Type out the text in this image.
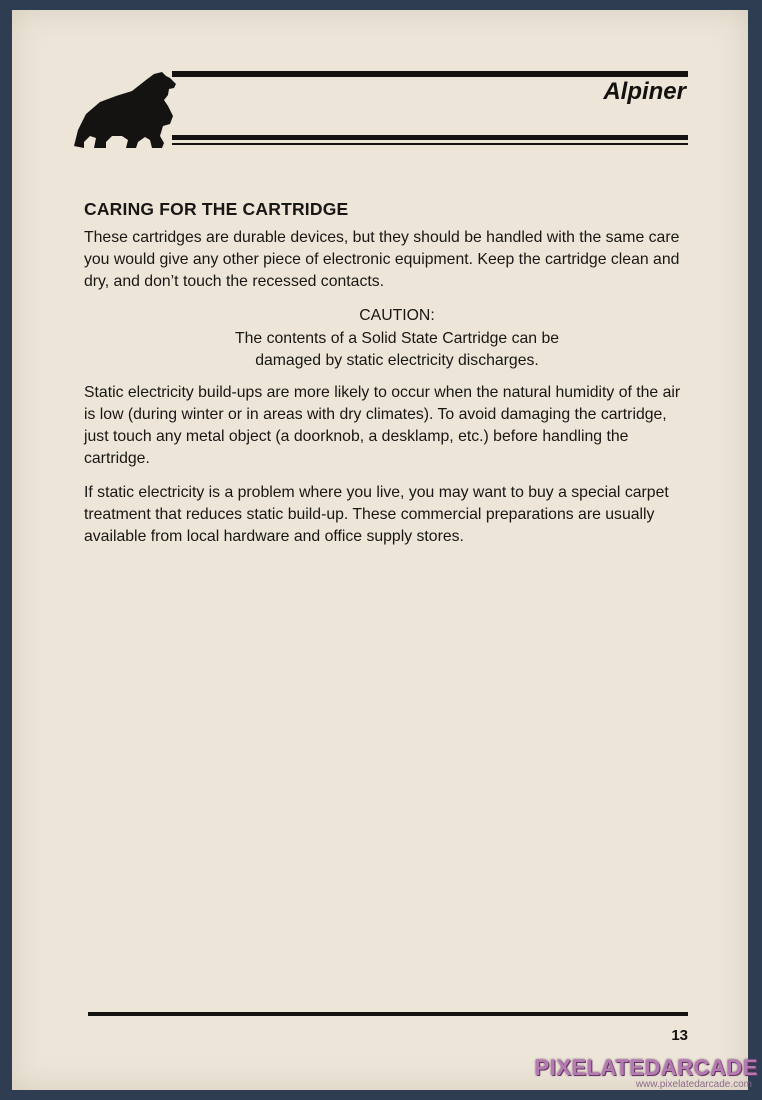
Alpiner

CARING FOR THE CARTRIDGE

These cartridges are durable devices, but they should be handled with the same care you would give any other piece of electronic equipment. Keep the cartridge clean and dry, and don’t touch the recessed contacts.

CAUTION:
The contents of a Solid State Cartridge can be
damaged by static electricity discharges.

Static electricity build-ups are more likely to occur when the natural humidity of the air is low (during winter or in areas with dry climates). To avoid damaging the cartridge, just touch any metal object (a doorknob, a desklamp, etc.) before handling the cartridge.

If static electricity is a problem where you live, you may want to buy a special carpet treatment that reduces static build-up. These commercial preparations are usually available from local hardware and office supply stores.

13

PIXELATEDARCADE
www.pixelatedarcade.com
